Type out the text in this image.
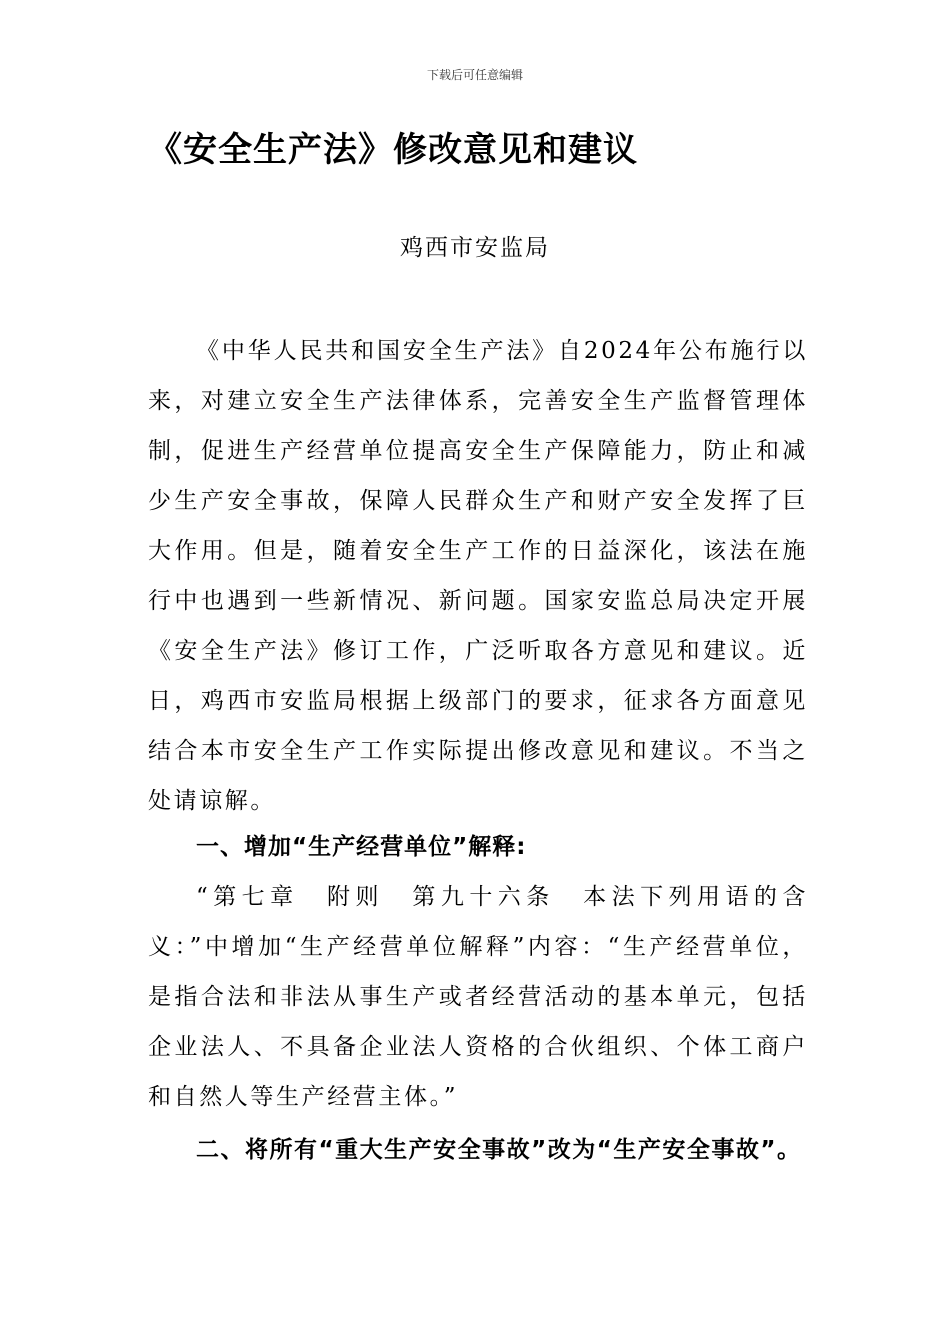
下载后可任意编辑
《安全生产法》修改意见和建议
鸡西市安监局
《中华人民共和国安全生产法》自2024年公布施行以来，对建立安全生产法律体系，完善安全生产监督管理体制，促进生产经营单位提高安全生产保障能力，防止和减少生产安全事故，保障人民群众生产和财产安全发挥了巨大作用。但是，随着安全生产工作的日益深化，该法在施行中也遇到一些新情况、新问题。国家安监总局决定开展《安全生产法》修订工作，广泛听取各方意见和建议。近日，鸡西市安监局根据上级部门的要求，征求各方面意见结合本市安全生产工作实际提出修改意见和建议。不当之处请谅解。
一、增加“生产经营单位”解释:
“第七章　附则　第九十六条　本法下列用语的含义：”中增加“生产经营单位解释”内容：“生产经营单位，是指合法和非法从事生产或者经营活动的基本单元，包括企业法人、不具备企业法人资格的合伙组织、个体工商户和自然人等生产经营主体。”
二、将所有“重大生产安全事故”改为“生产安全事故”。
